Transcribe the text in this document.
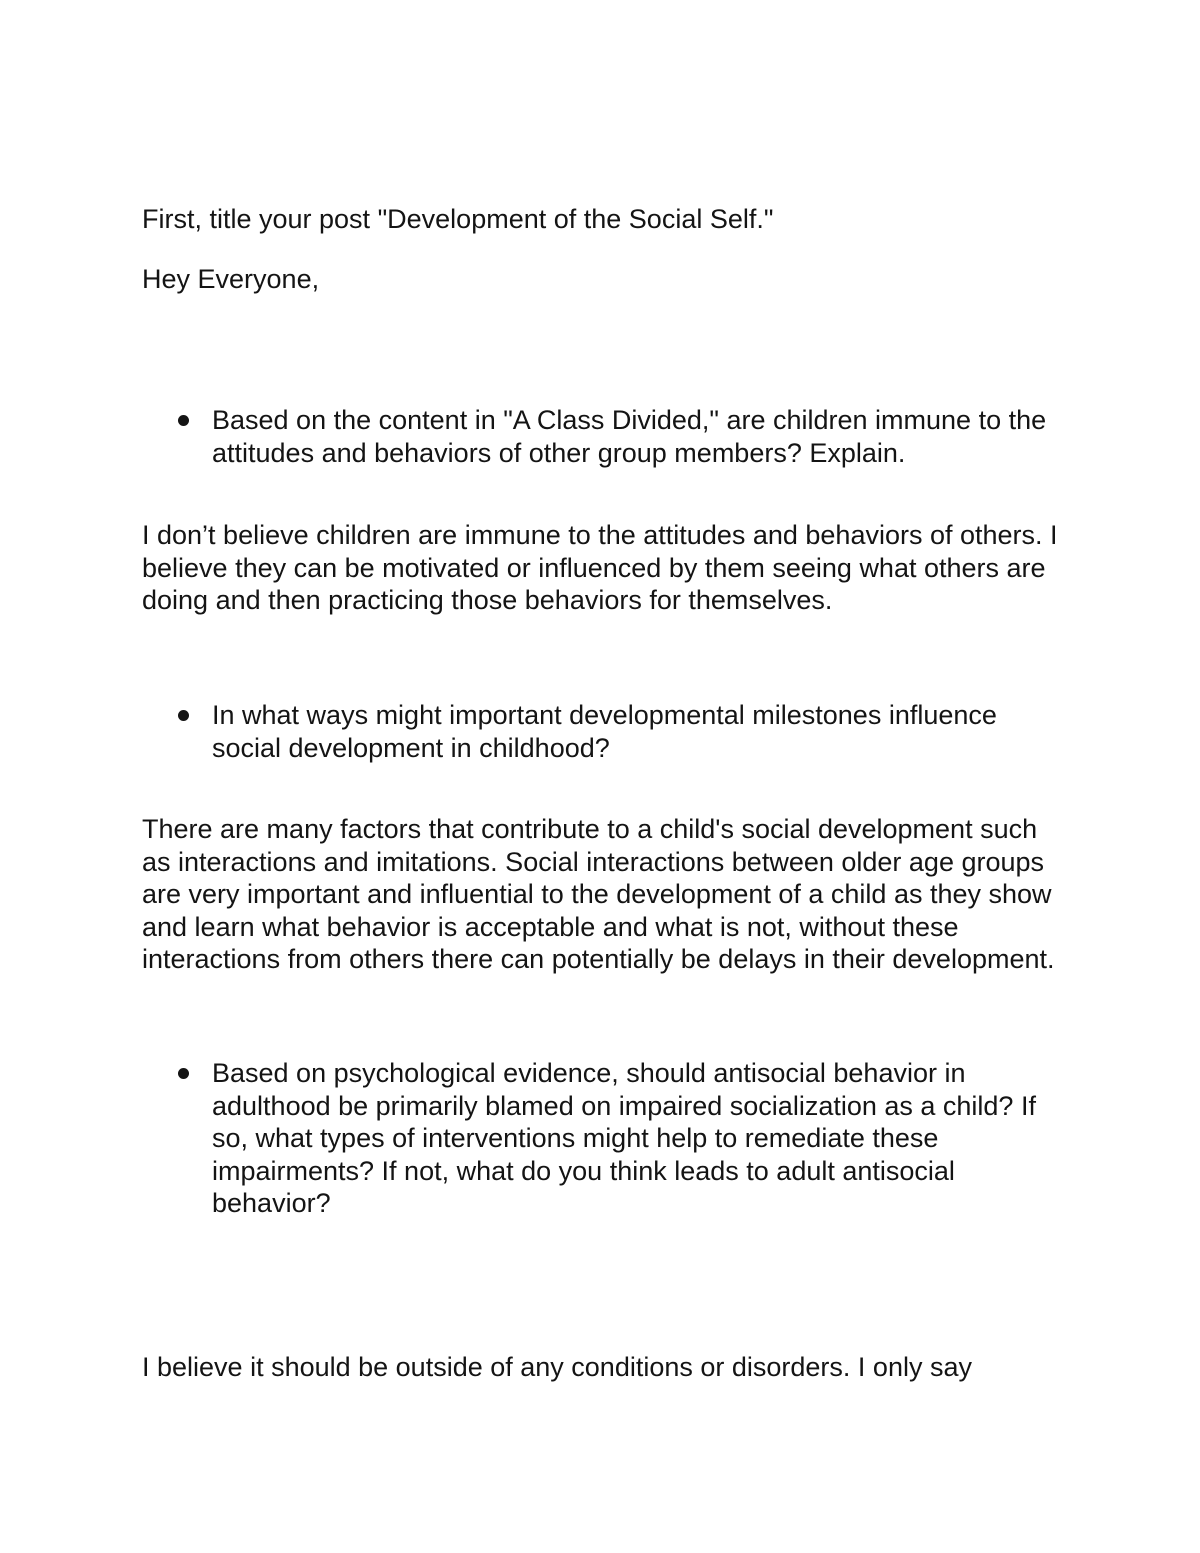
First, title your post "Development of the Social Self."

Hey Everyone,

Based on the content in "A Class Divided," are children immune to the attitudes and behaviors of other group members? Explain.

I don’t believe children are immune to the attitudes and behaviors of others. I believe they can be motivated or influenced by them seeing what others are doing and then practicing those behaviors for themselves.

In what ways might important developmental milestones influence social development in childhood?

There are many factors that contribute to a child's social development such as interactions and imitations. Social interactions between older age groups are very important and influential to the development of a child as they show and learn what behavior is acceptable and what is not, without these interactions from others there can potentially be delays in their development.

Based on psychological evidence, should antisocial behavior in adulthood be primarily blamed on impaired socialization as a child? If so, what types of interventions might help to remediate these impairments? If not, what do you think leads to adult antisocial behavior?

I believe it should be outside of any conditions or disorders. I only say
